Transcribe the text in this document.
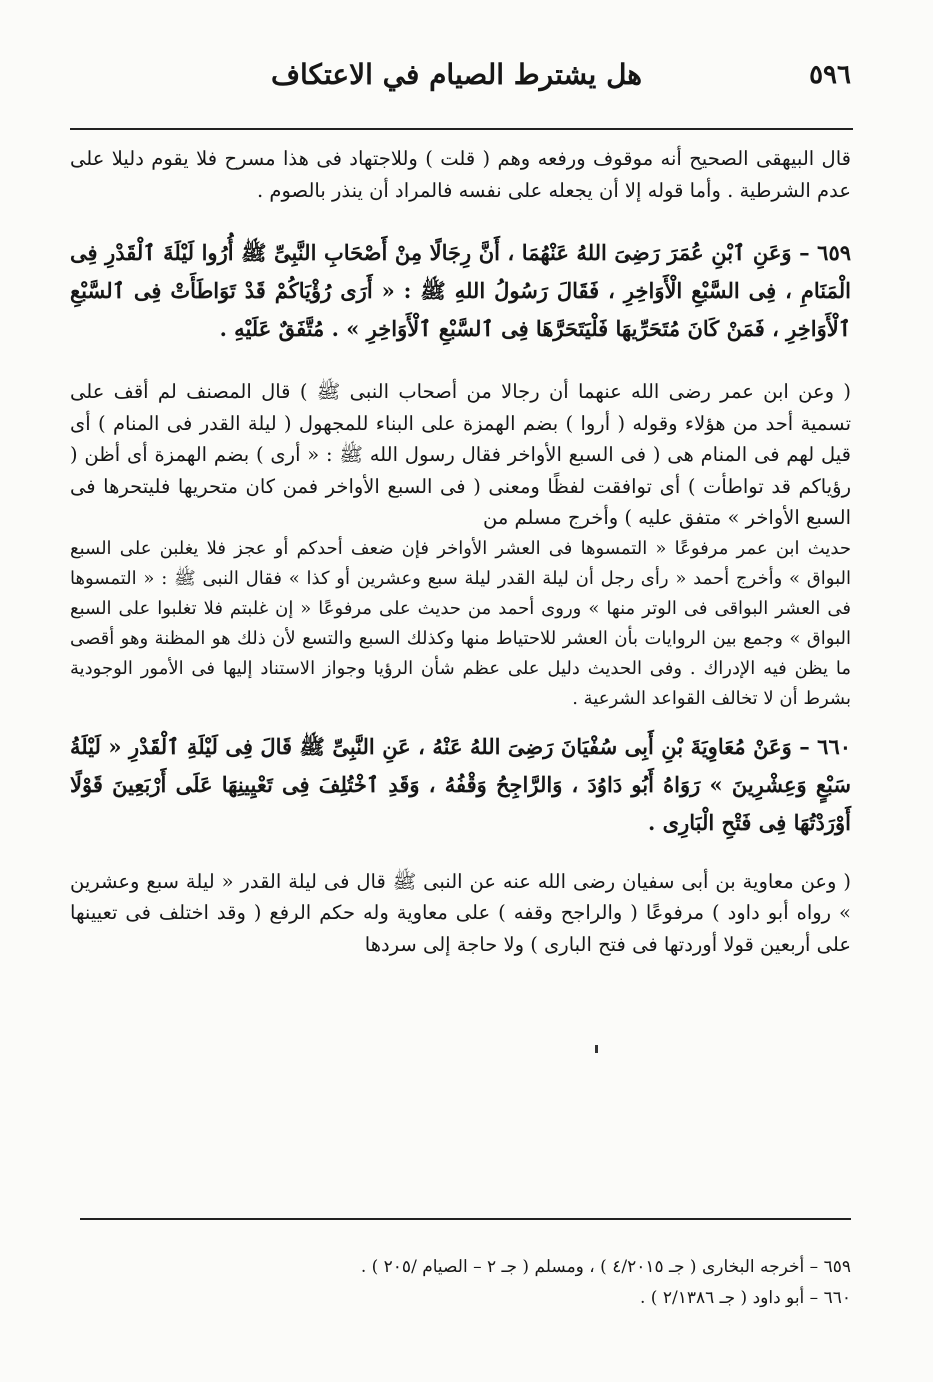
٥٩٦
هل يشترط الصيام في الاعتكاف

قال البيهقى الصحيح أنه موقوف ورفعه وهم ( قلت ) وللاجتهاد فى هذا مسرح فلا يقوم دليلا على عدم الشرطية . وأما قوله إلا أن يجعله على نفسه فالمراد أن ينذر بالصوم .

٦٥٩ – وَعَنِ ٱبْنِ عُمَرَ رَضِىَ اللهُ عَنْهُمَا ، أَنَّ رِجَالًا مِنْ أَصْحَابِ النَّبِىِّ ﷺ أُرُوا لَيْلَةَ ٱلْقَدْرِ فِى الْمَنَامِ ، فِى السَّبْعِ الْأَوَاخِرِ ، فَقَالَ رَسُولُ اللهِ ﷺ : « أَرَى رُؤْيَاكُمْ قَدْ تَوَاطَأَتْ فِى ٱلسَّبْعِ ٱلْأَوَاخِرِ ، فَمَنْ كَانَ مُتَحَرِّيهَا فَلْيَتَحَرَّهَا فِى ٱلسَّبْعِ ٱلْأَوَاخِرِ » . مُتَّفَقٌ عَلَيْهِ .

( وعن ابن عمر رضى الله عنهما أن رجالا من أصحاب النبى ﷺ ) قال المصنف لم أقف على تسمية أحد من هؤلاء وقوله ( أروا ) بضم الهمزة على البناء للمجهول ( ليلة القدر فى المنام ) أى قيل لهم فى المنام هى ( فى السبع الأواخر فقال رسول الله ﷺ : « أرى ) بضم الهمزة أى أظن ( رؤياكم قد تواطأت ) أى توافقت لفظًا ومعنى ( فى السبع الأواخر فمن كان متحريها فليتحرها فى السبع الأواخر » متفق عليه ) وأخرج مسلم من

حديث ابن عمر مرفوعًا « التمسوها فى العشر الأواخر فإن ضعف أحدكم أو عجز فلا يغلبن على السبع البواق » وأخرج أحمد « رأى رجل أن ليلة القدر ليلة سبع وعشرين أو كذا » فقال النبى ﷺ : « التمسوها فى العشر البواقى فى الوتر منها » وروى أحمد من حديث على مرفوعًا « إن غلبتم فلا تغلبوا على السبع البواق » وجمع بين الروايات بأن العشر للاحتياط منها وكذلك السبع والتسع لأن ذلك هو المظنة وهو أقصى ما يظن فيه الإدراك . وفى الحديث دليل على عظم شأن الرؤيا وجواز الاستناد إليها فى الأمور الوجودية بشرط أن لا تخالف القواعد الشرعية .

٦٦٠ – وَعَنْ مُعَاوِيَةَ بْنِ أَبِى سُفْيَانَ رَضِىَ اللهُ عَنْهُ ، عَنِ النَّبِىِّ ﷺ قَالَ فِى لَيْلَةِ ٱلْقَدْرِ « لَيْلَةُ سَبْعٍ وَعِشْرِينَ » رَوَاهُ أَبُو دَاوُدَ ، وَالرَّاجِحُ وَقْفُهُ ، وَقَدِ ٱخْتُلِفَ فِى تَعْيِينِهَا عَلَى أَرْبَعِينَ قَوْلًا أَوْرَدْتُهَا فِى فَتْحِ الْبَارِى .

( وعن معاوية بن أبى سفيان رضى الله عنه عن النبى ﷺ قال فى ليلة القدر « ليلة سبع وعشرين » رواه أبو داود ) مرفوعًا ( والراجح وقفه ) على معاوية وله حكم الرفع ( وقد اختلف فى تعيينها على أربعين قولا أوردتها فى فتح البارى ) ولا حاجة إلى سردها

٦٥٩ – أخرجه البخارى ( جـ ٤/٢٠١٥ ) ، ومسلم ( جـ ٢ – الصيام /٢٠٥ ) .

٦٦٠ – أبو داود ( جـ ٢/١٣٨٦ ) .
